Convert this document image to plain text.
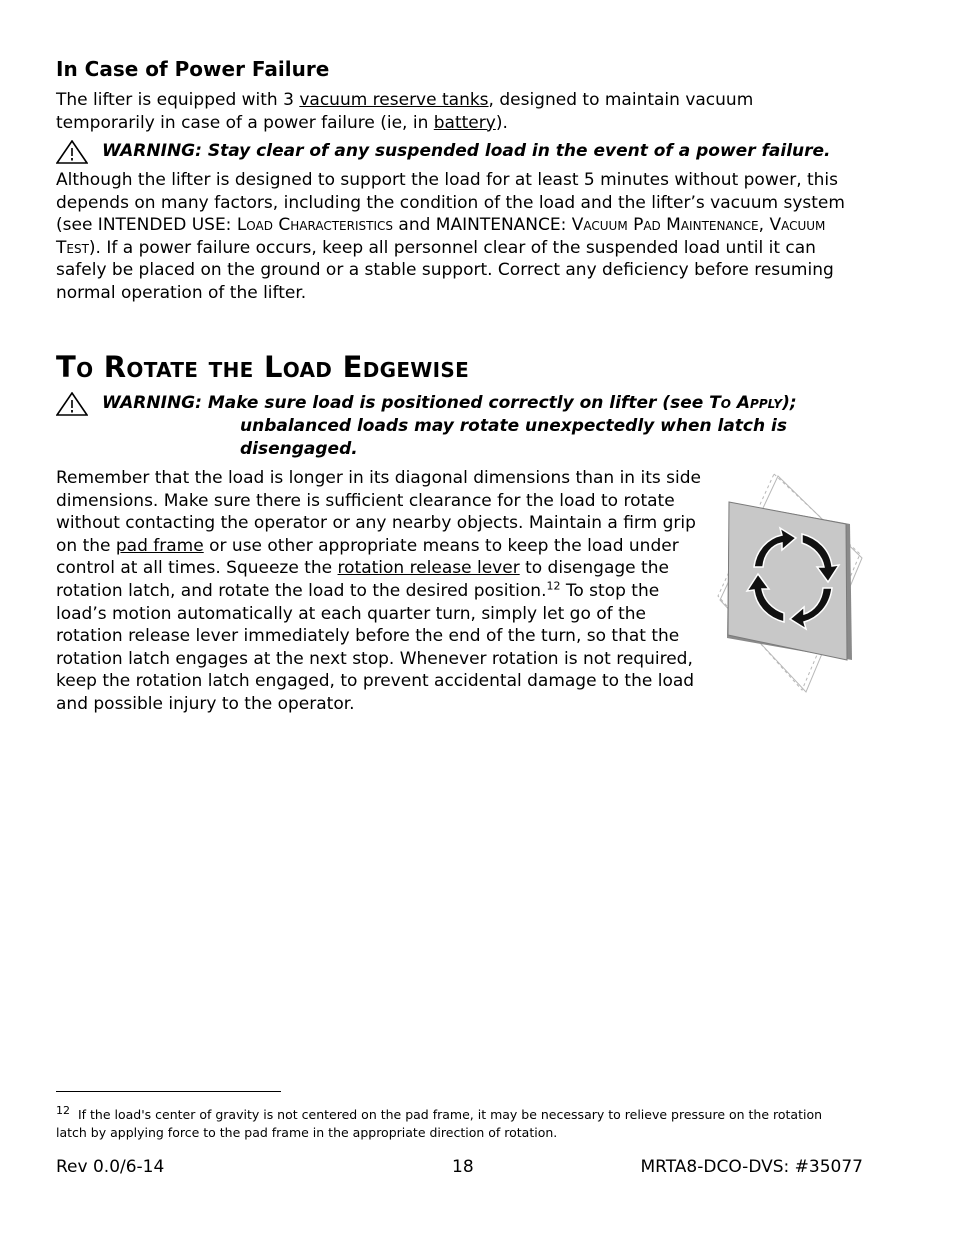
In Case of Power Failure

The lifter is equipped with 3 vacuum reserve tanks, designed to maintain vacuum temporarily in case of a power failure (ie, in battery).

WARNING: Stay clear of any suspended load in the event of a power failure.

Although the lifter is designed to support the load for at least 5 minutes without power, this depends on many factors, including the condition of the load and the lifter’s vacuum system (see INTENDED USE: Load Characteristics and MAINTENANCE: Vacuum Pad Maintenance, Vacuum Test). If a power failure occurs, keep all personnel clear of the suspended load until it can safely be placed on the ground or a stable support. Correct any deficiency before resuming normal operation of the lifter.

To Rotate the Load Edgewise
WARNING: Make sure load is positioned correctly on lifter (see To Apply);
unbalanced loads may rotate unexpectedly when latch is disengaged.

Remember that the load is longer in its diagonal dimensions than in its side dimensions. Make sure there is sufficient clearance for the load to rotate without contacting the operator or any nearby objects. Maintain a firm grip on the pad frame or use other appropriate means to keep the load under control at all times. Squeeze the rotation release lever to disengage the rotation latch, and rotate the load to the desired position.$^{12}$ To stop the load’s motion automatically at each quarter turn, simply let go of the rotation release lever immediately before the end of the turn, so that the rotation latch engages at the next stop. Whenever rotation is not required, keep the rotation latch engaged, to prevent accidental damage to the load and possible injury to the operator.

$^{12}$ If the load's center of gravity is not centered on the pad frame, it may be necessary to relieve pressure on the rotation latch by applying force to the pad frame in the appropriate direction of rotation.
Rev 0.0/6-14	18	MRTA8-DCO-DVS: #35077
